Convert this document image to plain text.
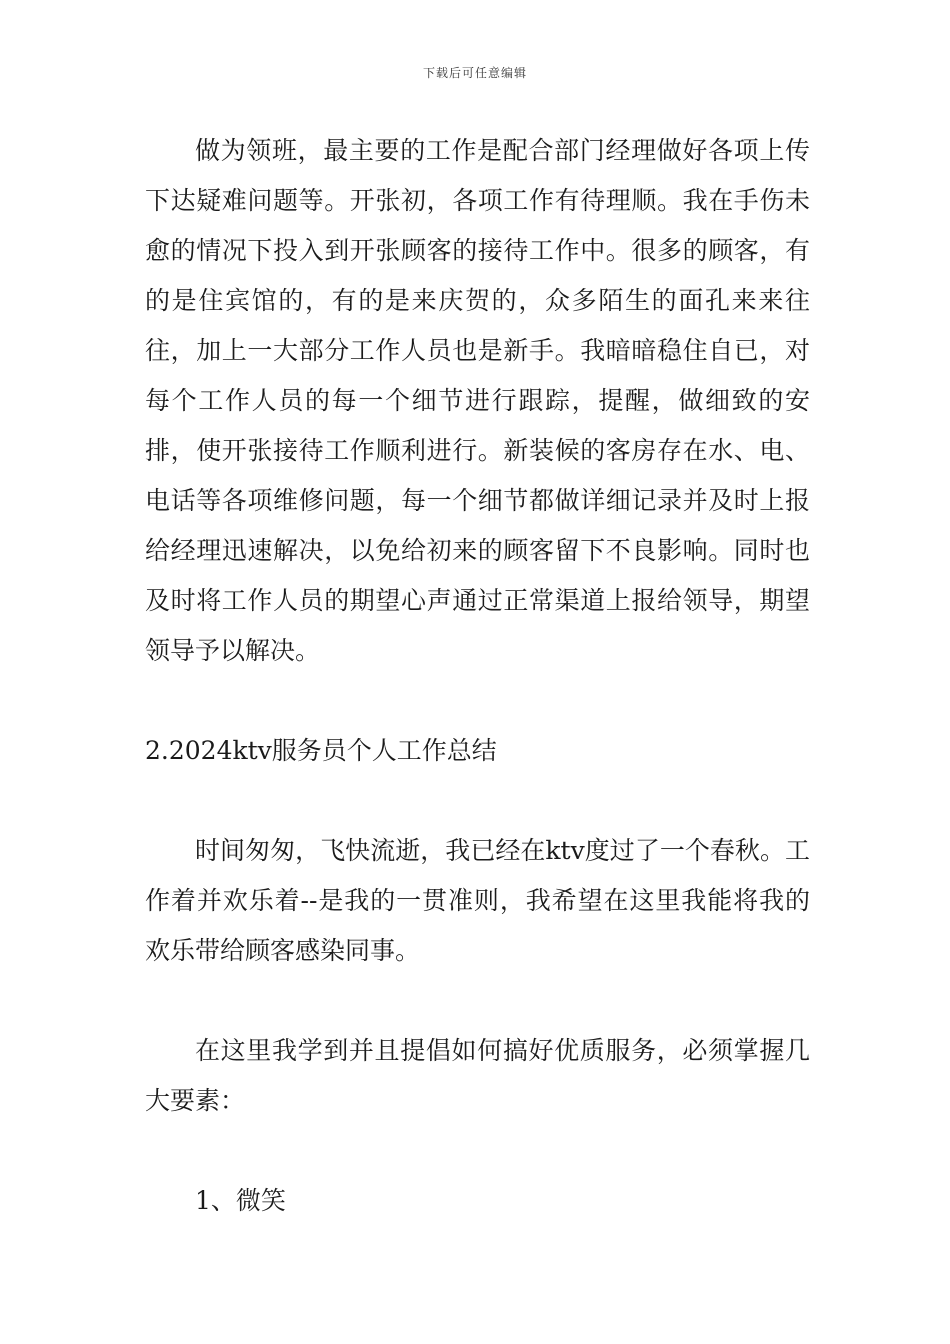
下载后可任意编辑

做为领班，最主要的工作是配合部门经理做好各项上传下达疑难问题等。开张初，各项工作有待理顺。我在手伤未愈的情况下投入到开张顾客的接待工作中。很多的顾客，有的是住宾馆的，有的是来庆贺的，众多陌生的面孔来来往往，加上一大部分工作人员也是新手。我暗暗稳住自已，对每个工作人员的每一个细节进行跟踪，提醒，做细致的安排，使开张接待工作顺利进行。新装候的客房存在水、电、电话等各项维修问题，每一个细节都做详细记录并及时上报给经理迅速解决，以免给初来的顾客留下不良影响。同时也及时将工作人员的期望心声通过正常渠道上报给领导，期望领导予以解决。

2.2024ktv服务员个人工作总结

时间匆匆，飞快流逝，我已经在ktv度过了一个春秋。工作着并欢乐着--是我的一贯准则，我希望在这里我能将我的欢乐带给顾客感染同事。

在这里我学到并且提倡如何搞好优质服务，必须掌握几大要素：

1、微笑
